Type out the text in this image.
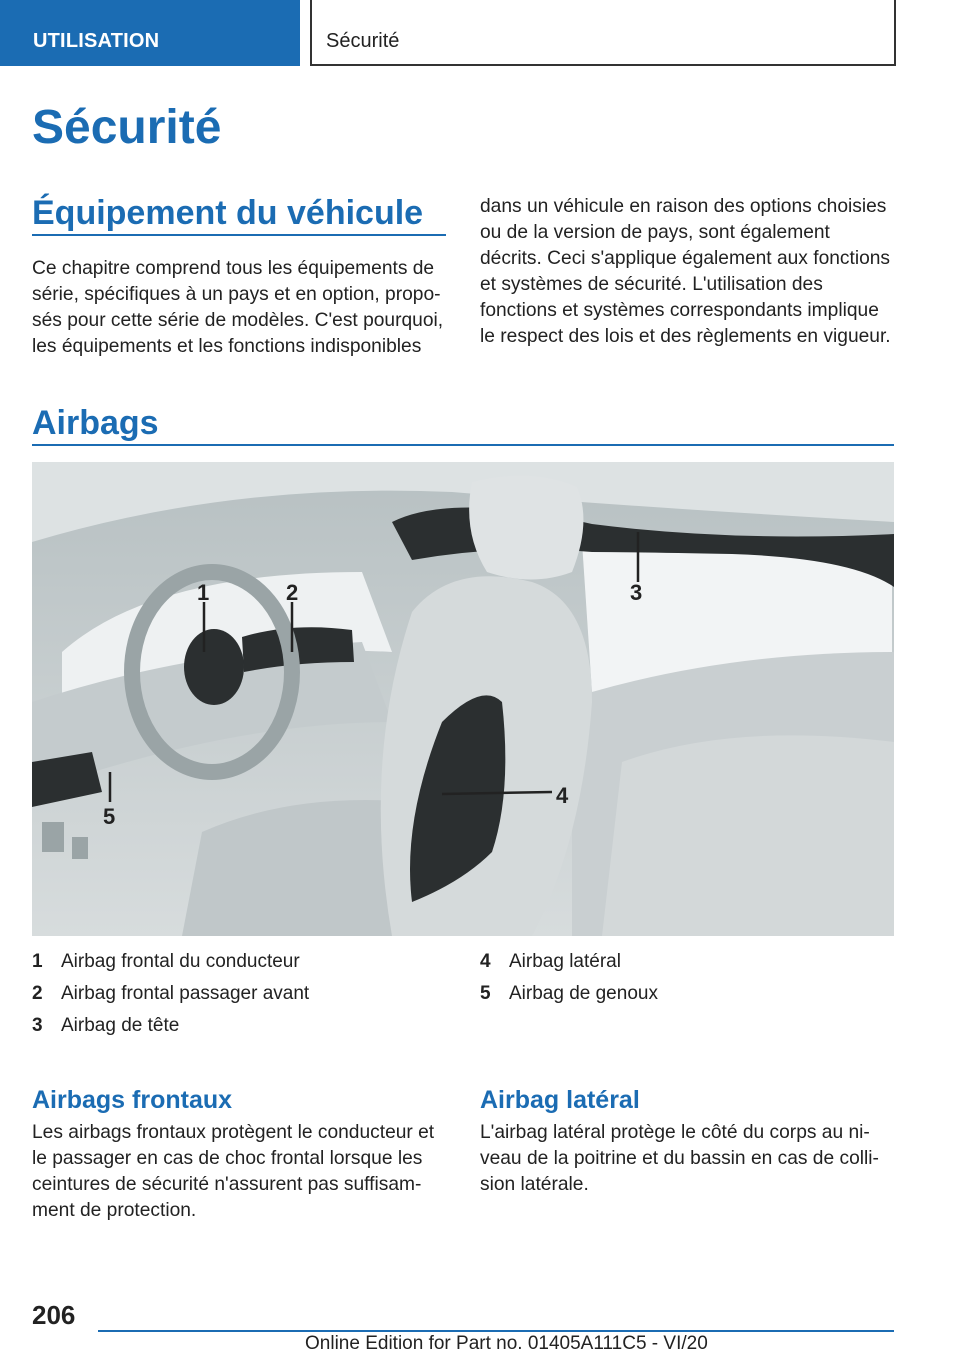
UTILISATION	Sécurité
Sécurité
Équipement du véhicule

Ce chapitre comprend tous les équipements de série, spécifiques à un pays et en option, proposés pour cette série de modèles. C'est pourquoi, les équipements et les fonctions indisponibles

dans un véhicule en raison des options choisies ou de la version de pays, sont également décrits. Ceci s'applique également aux fonctions et systèmes de sécurité. L'utilisation des fonctions et systèmes correspondants implique le respect des lois et des règlements en vigueur.

Airbags
1	2	3
4
5
1 Airbag frontal du conducteur
2 Airbag frontal passager avant
3 Airbag de tête
4 Airbag latéral
5 Airbag de genoux
Airbags frontaux

Les airbags frontaux protègent le conducteur et le passager en cas de choc frontal lorsque les ceintures de sécurité n'assurent pas suffisamment de protection.

Airbag latéral

L'airbag latéral protège le côté du corps au niveau de la poitrine et du bassin en cas de collision latérale.

206
Online Edition for Part no. 01405A111C5 - VI/20
